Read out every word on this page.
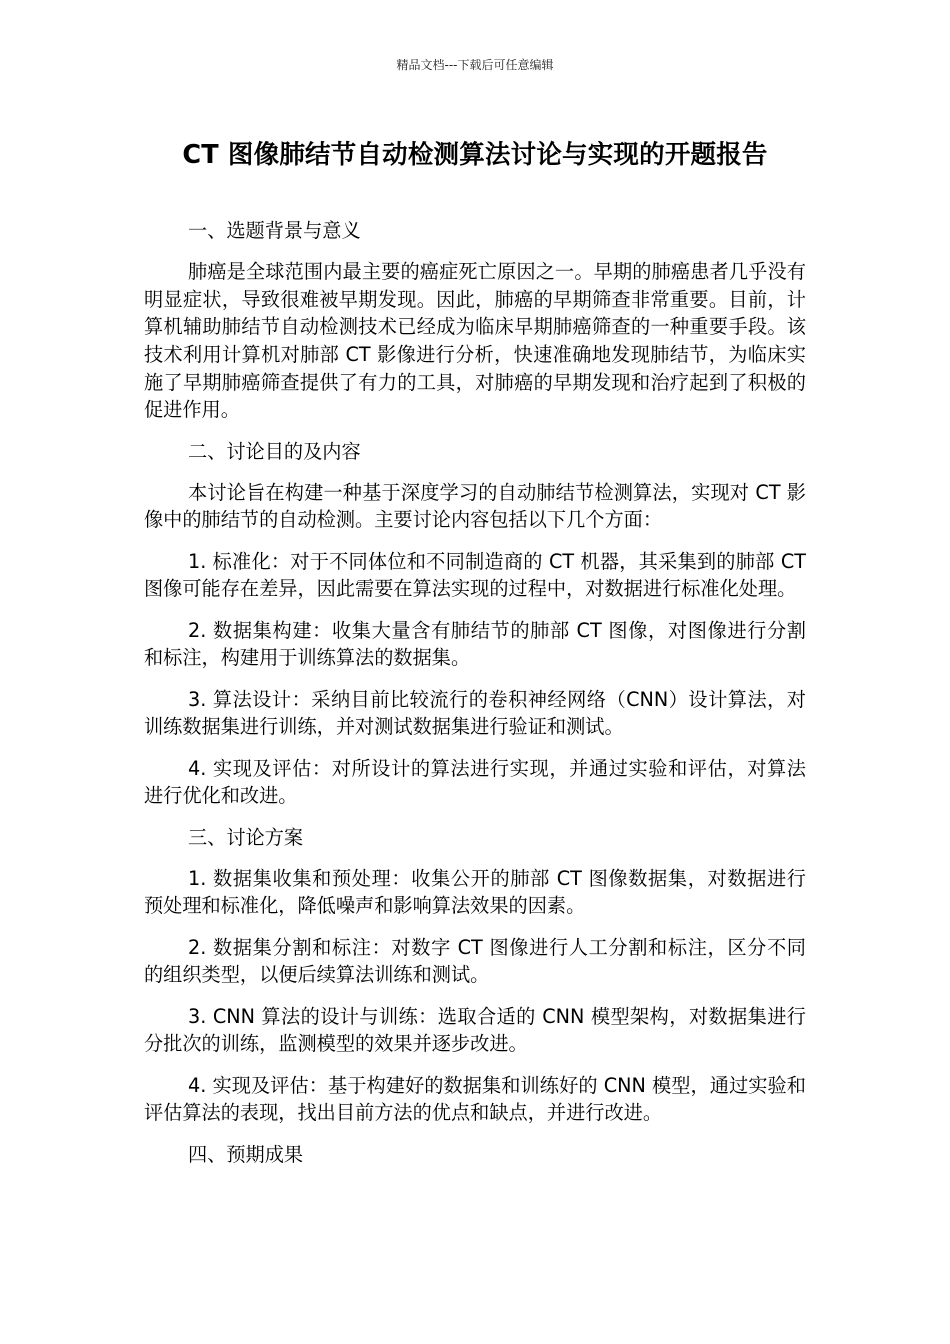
精品文档---下载后可任意编辑
CT 图像肺结节自动检测算法讨论与实现的开题报告

一、选题背景与意义

肺癌是全球范围内最主要的癌症死亡原因之一。早期的肺癌患者几乎没有明显症状，导致很难被早期发现。因此，肺癌的早期筛查非常重要。目前，计算机辅助肺结节自动检测技术已经成为临床早期肺癌筛查的一种重要手段。该技术利用计算机对肺部 CT 影像进行分析，快速准确地发现肺结节，为临床实施了早期肺癌筛查提供了有力的工具，对肺癌的早期发现和治疗起到了积极的促进作用。

二、讨论目的及内容

本讨论旨在构建一种基于深度学习的自动肺结节检测算法，实现对 CT 影像中的肺结节的自动检测。主要讨论内容包括以下几个方面：

1. 标准化：对于不同体位和不同制造商的 CT 机器，其采集到的肺部 CT 图像可能存在差异，因此需要在算法实现的过程中，对数据进行标准化处理。

2. 数据集构建：收集大量含有肺结节的肺部 CT 图像，对图像进行分割和标注，构建用于训练算法的数据集。

3. 算法设计：采纳目前比较流行的卷积神经网络（CNN）设计算法，对训练数据集进行训练，并对测试数据集进行验证和测试。

4. 实现及评估：对所设计的算法进行实现，并通过实验和评估，对算法进行优化和改进。

三、讨论方案

1. 数据集收集和预处理：收集公开的肺部 CT 图像数据集，对数据进行预处理和标准化，降低噪声和影响算法效果的因素。

2. 数据集分割和标注：对数字 CT 图像进行人工分割和标注，区分不同的组织类型，以便后续算法训练和测试。

3. CNN 算法的设计与训练：选取合适的 CNN 模型架构，对数据集进行分批次的训练，监测模型的效果并逐步改进。

4. 实现及评估：基于构建好的数据集和训练好的 CNN 模型，通过实验和评估算法的表现，找出目前方法的优点和缺点，并进行改进。

四、预期成果
